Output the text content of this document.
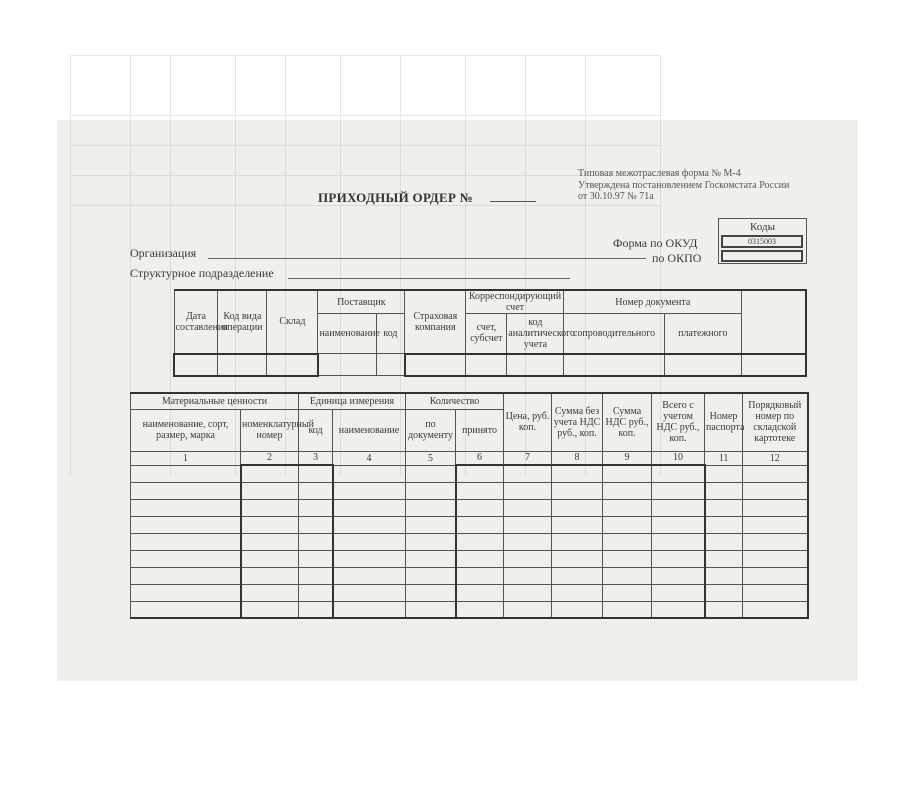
Типовая межотраслевая форма № М-4
Утверждена постановлением Госкомстата России
от 30.10.97 № 71а
ПРИХОДНЫЙ ОРДЕР №
Коды
0315003
Форма по ОКУД
по ОКПО
Организация
Структурное подразделение
Дата составления	Код вида операции	Склад	Поставщик		Страховая компания	Корреспондирующий счет		Номер документа		
			наименование	код		счет, субсчет	код аналитического учета	сопроводительного	платежного	

Материальные ценности		Единица измерения		Количество		Цена, руб. коп.	Сумма без учета НДС руб., коп.	Сумма НДС руб., коп.	Всего с учетом НДС руб., коп.	Номер паспорта	Порядковый номер по складской картотеке
наименование, сорт, размер, марка	номенклатурный номер	код	наименование	по документу	принято						
1	2	3	4	5	6	7	8	9	10	11	12
